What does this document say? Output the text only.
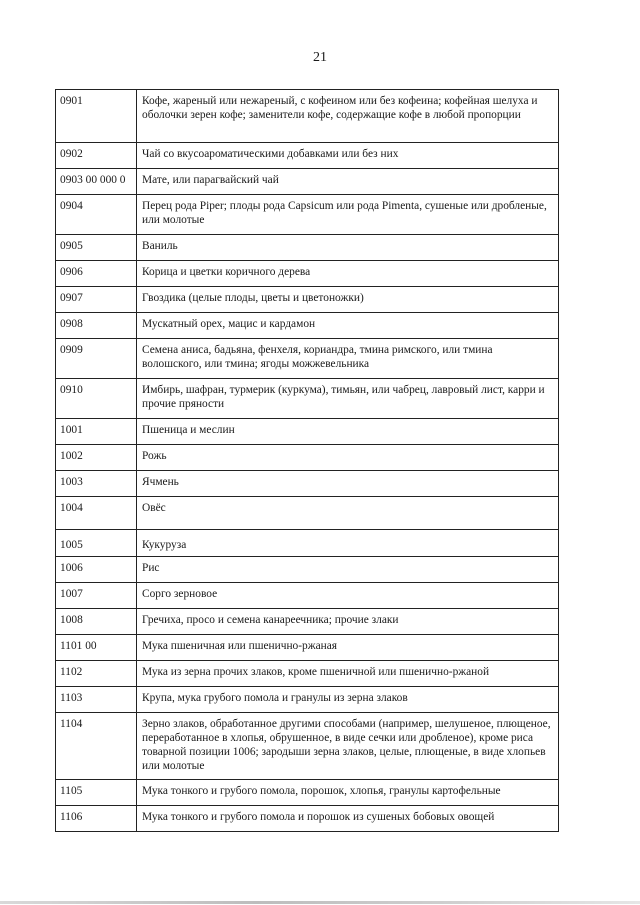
21
0901	Кофе, жареный или нежареный, с кофеином или без кофеина; кофейная шелуха и оболочки зерен кофе; заменители кофе, содержащие кофе в любой пропорции
0902	Чай со вкусоароматическими добавками или без них
0903 00 000 0	Мате, или парагвайский чай
0904	Перец рода Piper; плоды рода Capsicum или рода Pimenta, сушеные или дробленые, или молотые
0905	Ваниль
0906	Корица и цветки коричного дерева
0907	Гвоздика (целые плоды, цветы и цветоножки)
0908	Мускатный орех, мацис и кардамон
0909	Семена аниса, бадьяна, фенхеля, кориандра, тмина римского, или тмина волошского, или тмина; ягоды можжевельника
0910	Имбирь, шафран, турмерик (куркума), тимьян, или чабрец, лавровый лист, карри и прочие пряности
1001	Пшеница и меслин
1002	Рожь
1003	Ячмень
1004	Овёс
1005	Кукуруза
1006	Рис
1007	Сорго зерновое
1008	Гречиха, просо и семена канареечника; прочие злаки
1101 00	Мука пшеничная или пшенично-ржаная
1102	Мука из зерна прочих злаков, кроме пшеничной или пшенично-ржаной
1103	Крупа, мука грубого помола и гранулы из зерна злаков
1104	Зерно злаков, обработанное другими способами (например, шелушеное, плющеное, переработанное в хлопья, обрушенное, в виде сечки или дробленое), кроме риса товарной позиции 1006; зародыши зерна злаков, целые, плющеные, в виде хлопьев или молотые
1105	Мука тонкого и грубого помола, порошок, хлопья, гранулы картофельные
1106	Мука тонкого и грубого помола и порошок из сушеных бобовых овощей
